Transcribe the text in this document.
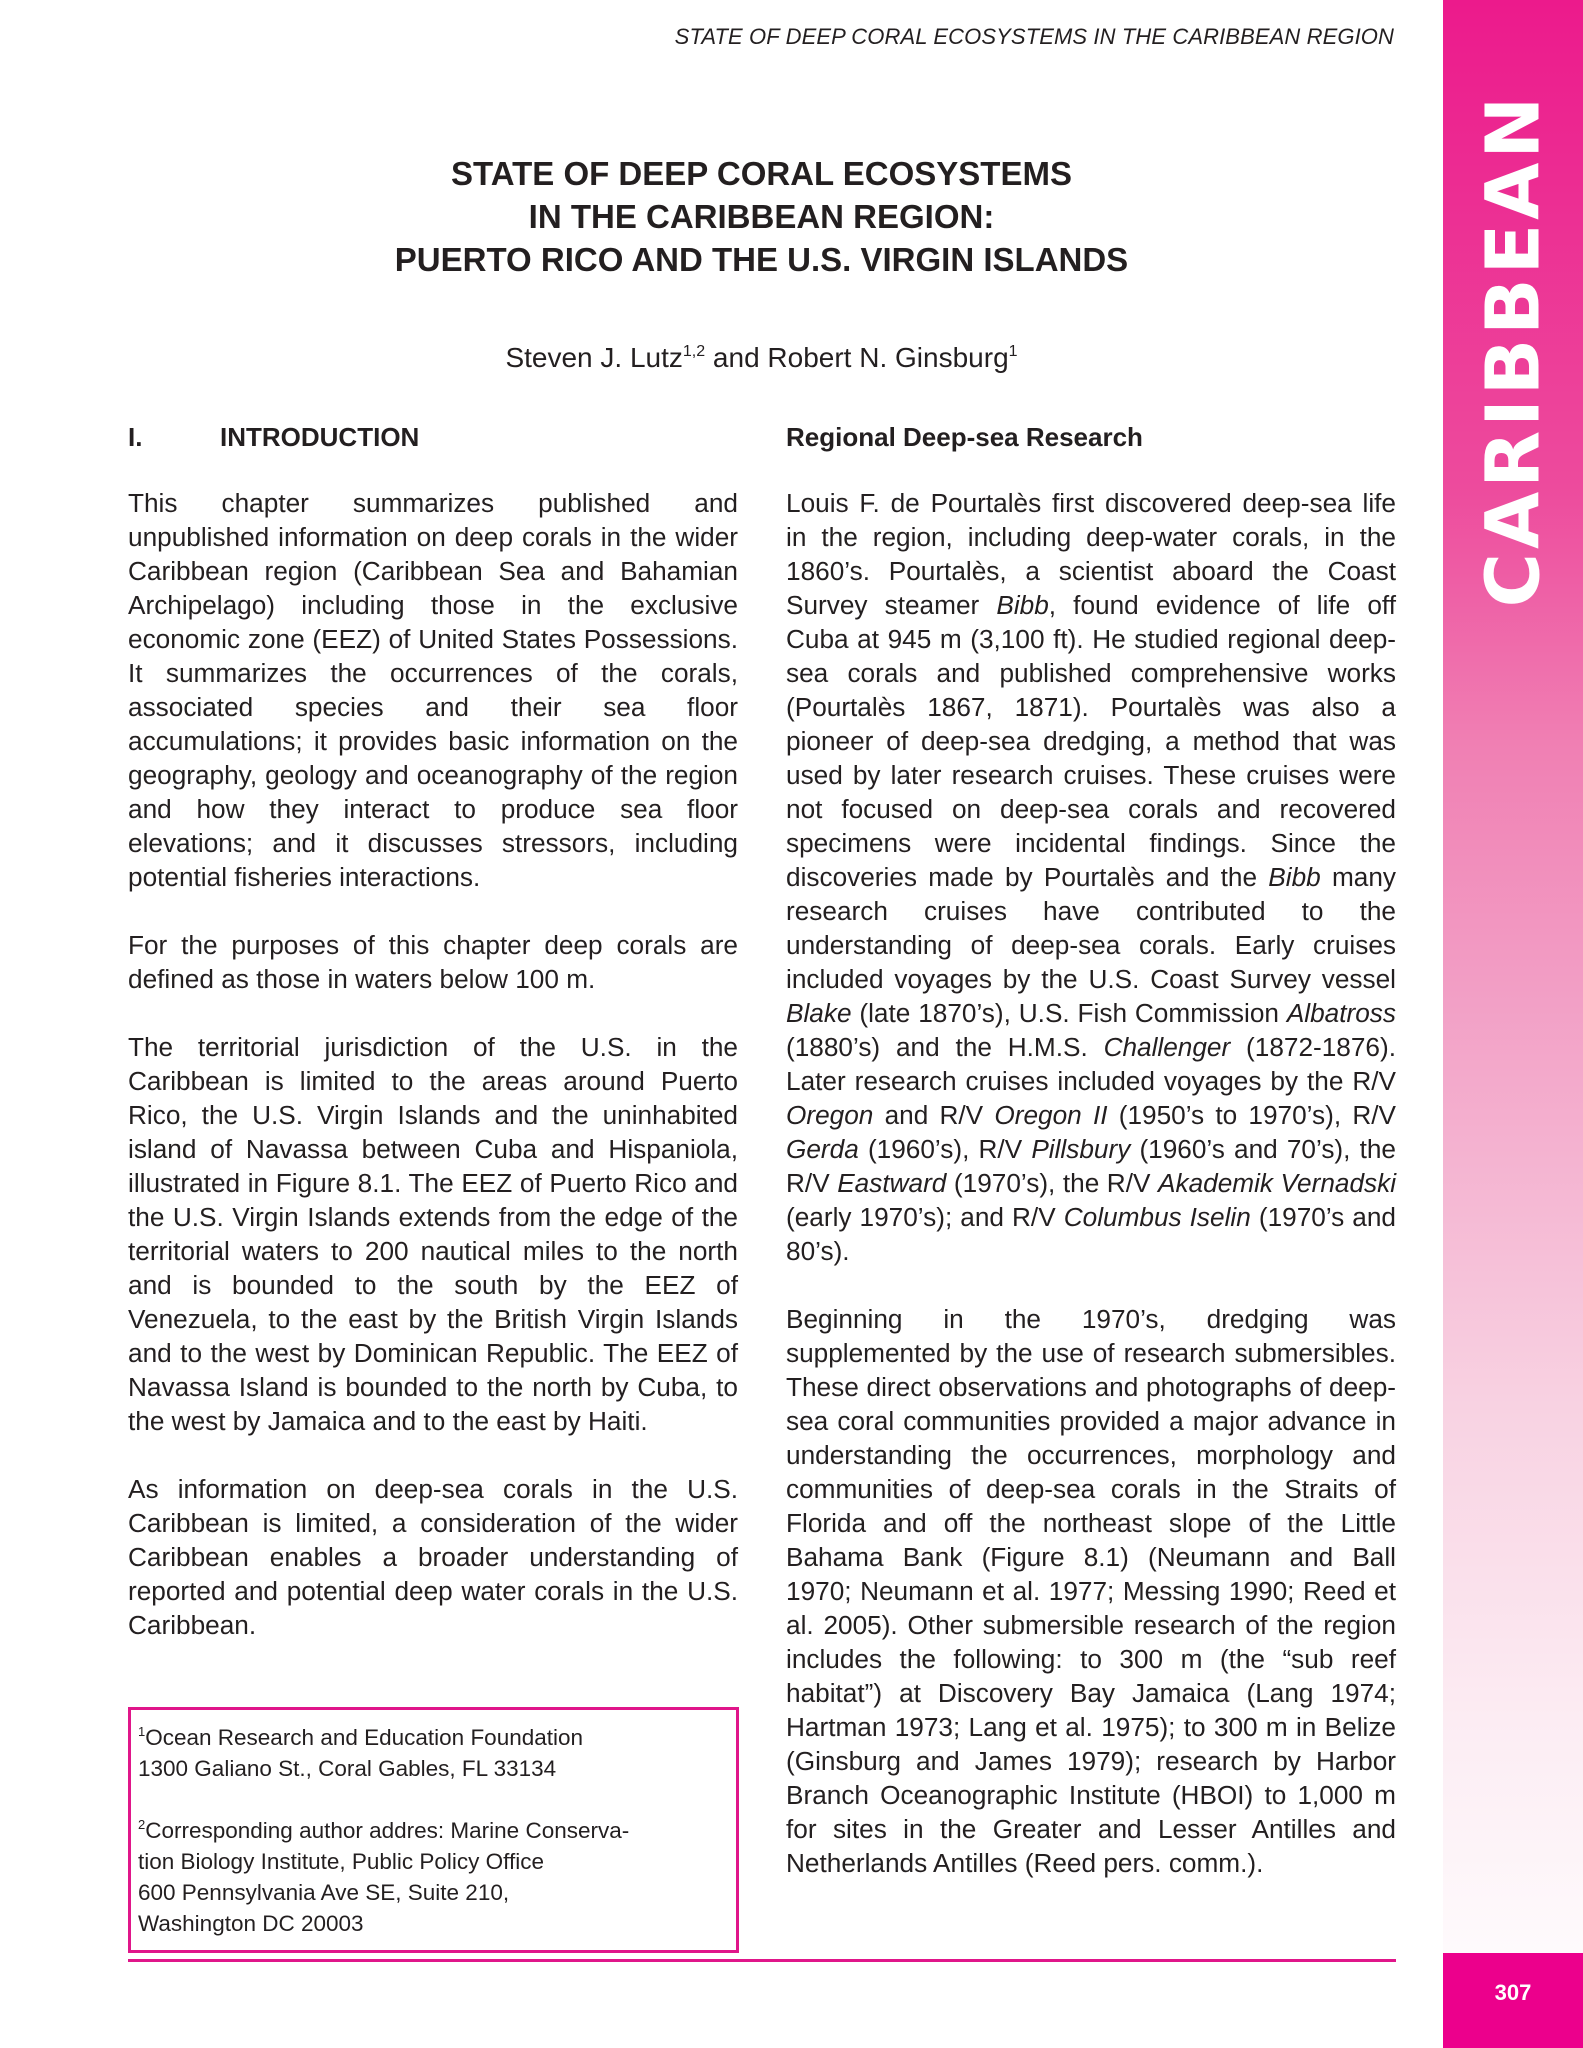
STATE OF DEEP CORAL ECOSYSTEMS IN THE CARIBBEAN REGION
CARIBBEAN
STATE OF DEEP CORAL ECOSYSTEMS
IN THE CARIBBEAN REGION:
PUERTO RICO AND THE U.S. VIRGIN ISLANDS
Steven J. Lutz$^{1,2}$ and Robert N. Ginsburg$^1$
I.	INTRODUCTION

This chapter summarizes published and unpublished information on deep corals in the wider Caribbean region (Caribbean Sea and Bahamian Archipelago) including those in the exclusive economic zone (EEZ) of United States Possessions. It summarizes the occurrences of the corals, associated species and their sea floor accumulations; it provides basic information on the geography, geology and oceanography of the region and how they interact to produce sea floor elevations; and it discusses stressors, including potential fisheries interactions.

For the purposes of this chapter deep corals are defined as those in waters below 100 m.

The territorial jurisdiction of the U.S. in the Caribbean is limited to the areas around Puerto Rico, the U.S. Virgin Islands and the uninhabited island of Navassa between Cuba and Hispaniola, illustrated in Figure 8.1. The EEZ of Puerto Rico and the U.S. Virgin Islands extends from the edge of the territorial waters to 200 nautical miles to the north and is bounded to the south by the EEZ of Venezuela, to the east by the British Virgin Islands and to the west by Dominican Republic. The EEZ of Navassa Island is bounded to the north by Cuba, to the west by Jamaica and to the east by Haiti.

As information on deep-sea corals in the U.S. Caribbean is limited, a consideration of the wider Caribbean enables a broader understanding of reported and potential deep water corals in the U.S. Caribbean.

$^1$Ocean Research and Education Foundation
1300 Galiano St., Coral Gables, FL 33134
$^2$Corresponding author addres: Marine Conserva-
tion Biology Institute, Public Policy Office
600 Pennsylvania Ave SE, Suite 210,
Washington DC 20003
Regional Deep-sea Research

Louis F. de Pourtalès first discovered deep-sea life in the region, including deep-water corals, in the 1860’s. Pourtalès, a scientist aboard the Coast Survey steamer Bibb, found evidence of life off Cuba at 945 m (3,100 ft). He studied regional deep-sea corals and published comprehensive works (Pourtalès 1867, 1871). Pourtalès was also a pioneer of deep-sea dredging, a method that was used by later research cruises. These cruises were not focused on deep-sea corals and recovered specimens were incidental findings. Since the discoveries made by Pourtalès and the Bibb many research cruises have contributed to the understanding of deep-sea corals. Early cruises included voyages by the U.S. Coast Survey vessel Blake (late 1870’s), U.S. Fish Commission Albatross (1880’s) and the H.M.S. Challenger (1872-1876). Later research cruises included voyages by the R/V Oregon and R/V Oregon II (1950’s to 1970’s), R/V Gerda (1960’s), R/V Pillsbury (1960’s and 70’s), the R/V Eastward (1970’s), the R/V Akademik Vernadski (early 1970’s); and R/V Columbus Iselin (1970’s and 80’s).

Beginning in the 1970’s, dredging was supplemented by the use of research submersibles. These direct observations and photographs of deep-sea coral communities provided a major advance in understanding the occurrences, morphology and communities of deep-sea corals in the Straits of Florida and off the northeast slope of the Little Bahama Bank (Figure 8.1) (Neumann and Ball 1970; Neumann et al. 1977; Messing 1990; Reed et al. 2005). Other submersible research of the region includes the following: to 300 m (the “sub reef habitat”) at Discovery Bay Jamaica (Lang 1974; Hartman 1973; Lang et al. 1975); to 300 m in Belize (Ginsburg and James 1979); research by Harbor Branch Oceanographic Institute (HBOI) to 1,000 m for sites in the Greater and Lesser Antilles and Netherlands Antilles (Reed pers. comm.).

307
